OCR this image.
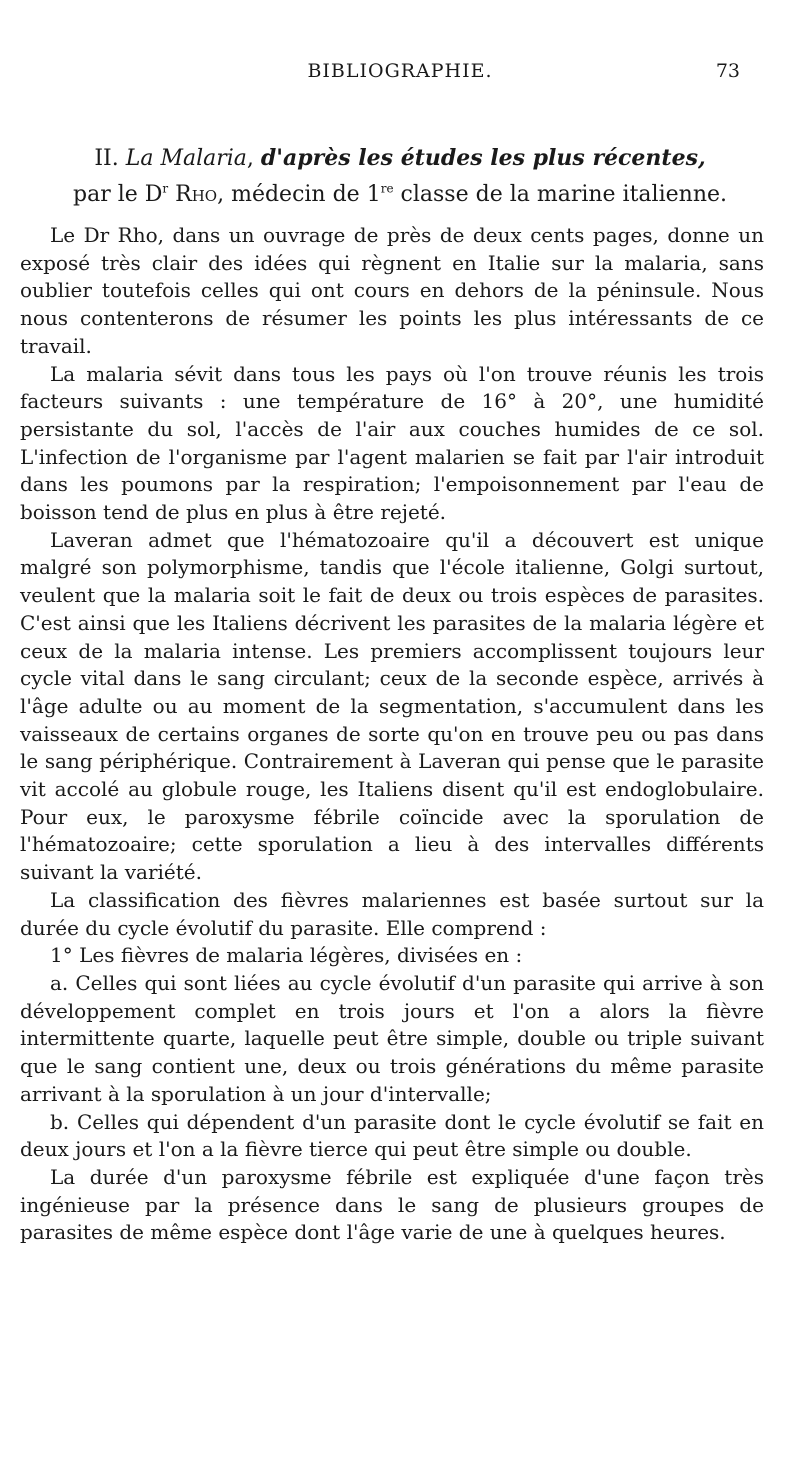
BIBLIOGRAPHIE.	73
II. La Malaria, d'après les études les plus récentes,
par le $D^r$ Rho, médecin de 1re classe de la marine italienne.

Le Dr Rho, dans un ouvrage de près de deux cents pages, donne un exposé très clair des idées qui règnent en Italie sur la malaria, sans oublier toutefois celles qui ont cours en dehors de la péninsule. Nous nous contenterons de résumer les points les plus intéressants de ce travail.

La malaria sévit dans tous les pays où l'on trouve réunis les trois facteurs suivants : une température de 16° à 20°, une humidité persistante du sol, l'accès de l'air aux couches humides de ce sol. L'infection de l'organisme par l'agent malarien se fait par l'air introduit dans les poumons par la respiration; l'empoisonnement par l'eau de boisson tend de plus en plus à être rejeté.

Laveran admet que l'hématozoaire qu'il a découvert est unique malgré son polymorphisme, tandis que l'école italienne, Golgi surtout, veulent que la malaria soit le fait de deux ou trois espèces de parasites. C'est ainsi que les Italiens décrivent les parasites de la malaria légère et ceux de la malaria intense. Les premiers accomplissent toujours leur cycle vital dans le sang circulant; ceux de la seconde espèce, arrivés à l'âge adulte ou au moment de la segmentation, s'accumulent dans les vaisseaux de certains organes de sorte qu'on en trouve peu ou pas dans le sang périphérique. Contrairement à Laveran qui pense que le parasite vit accolé au globule rouge, les Italiens disent qu'il est endoglobulaire. Pour eux, le paroxysme fébrile coïncide avec la sporulation de l'hématozoaire; cette sporulation a lieu à des intervalles différents suivant la variété.

La classification des fièvres malariennes est basée surtout sur la durée du cycle évolutif du parasite. Elle comprend :

1° Les fièvres de malaria légères, divisées en :

a. Celles qui sont liées au cycle évolutif d'un parasite qui arrive à son développement complet en trois jours et l'on a alors la fièvre intermittente quarte, laquelle peut être simple, double ou triple suivant que le sang contient une, deux ou trois générations du même parasite arrivant à la sporulation à un jour d'intervalle;

b. Celles qui dépendent d'un parasite dont le cycle évolutif se fait en deux jours et l'on a la fièvre tierce qui peut être simple ou double.

La durée d'un paroxysme fébrile est expliquée d'une façon très ingénieuse par la présence dans le sang de plusieurs groupes de parasites de même espèce dont l'âge varie de une à quelques heures.
